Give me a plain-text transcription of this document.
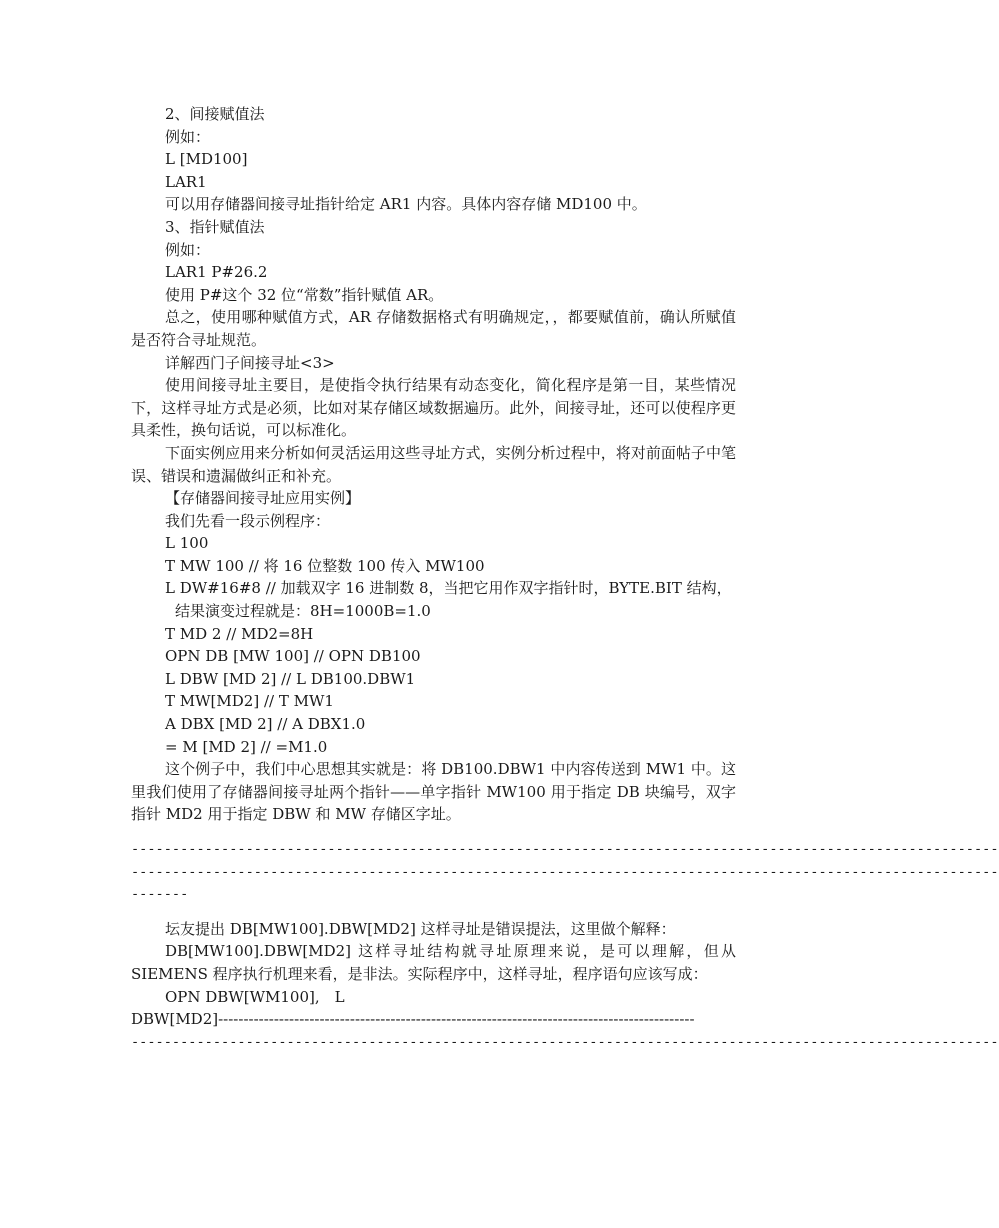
2、间接赋值法
例如：
L [MD100]
LAR1
可以用存储器间接寻址指针给定 AR1 内容。具体内容存储 MD100 中。
3、指针赋值法
例如：
LAR1 P#26.2
使用 P#这个 32 位“常数”指针赋值 AR。
总之，使用哪种赋值方式，AR 存储数据格式有明确规定，，都要赋值前，确认所赋值是否符合寻址规范。
详解西门子间接寻址<3>
使用间接寻址主要目，是使指令执行结果有动态变化，简化程序是第一目，某些情况下，这样寻址方式是必须，比如对某存储区域数据遍历。此外，间接寻址，还可以使程序更具柔性，换句话说，可以标准化。
下面实例应用来分析如何灵活运用这些寻址方式，实例分析过程中，将对前面帖子中笔误、错误和遗漏做纠正和补充。
【存储器间接寻址应用实例】
我们先看一段示例程序：
L 100
T MW 100 // 将 16 位整数 100 传入 MW100
L DW#16#8 // 加载双字 16 进制数 8，当把它用作双字指针时，BYTE.BIT 结构，
结果演变过程就是：8H=1000B=1.0
T MD 2 // MD2=8H
OPN DB [MW 100] // OPN DB100
L DBW [MD 2] // L DB100.DBW1
T MW[MD2] // T MW1
A DBX [MD 2] // A DBX1.0
= M [MD 2] // =M1.0
这个例子中，我们中心思想其实就是：将 DB100.DBW1 中内容传送到 MW1 中。这里我们使用了存储器间接寻址两个指针——单字指针 MW100 用于指定 DB 块编号，双字指针 MD2 用于指定 DBW 和 MW 存储区字址。
----------------------------------------------------------------------------------------------------------
----------------------------------------------------------------------------------------------------------
-------
坛友提出 DB[MW100].DBW[MD2] 这样寻址是错误提法，这里做个解释：
DB[MW100].DBW[MD2] 这样寻址结构就寻址原理来说，是可以理解，但从 SIEMENS 程序执行机理来看，是非法。实际程序中，这样寻址，程序语句应该写成：
OPN DBW[WM100],　L
DBW[MD2]----------------------------------------------------------------------------------------------
----------------------------------------------------------------------------------------------------------
